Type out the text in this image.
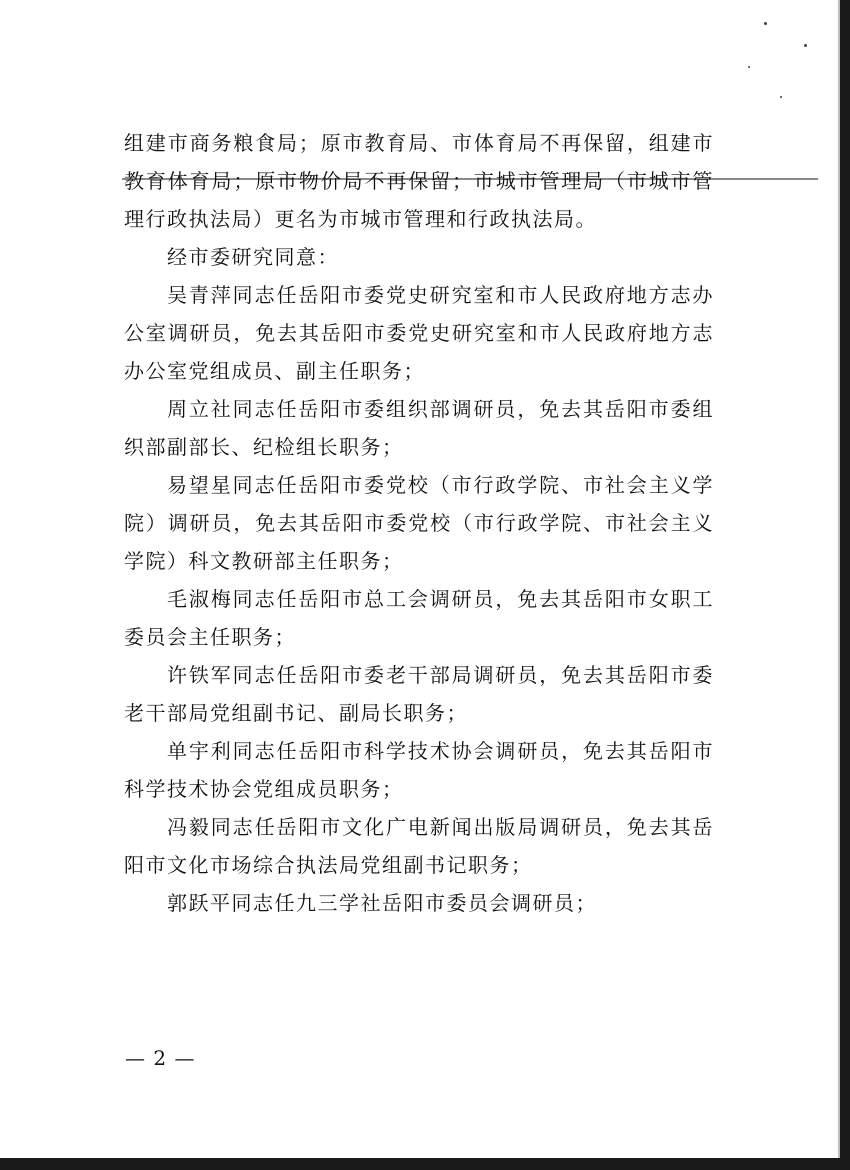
组建市商务粮食局；原市教育局、市体育局不再保留，组建市教育体育局；原市物价局不再保留；市城市管理局（市城市管理行政执法局）更名为市城市管理和行政执法局。

经市委研究同意：

吴青萍同志任岳阳市委党史研究室和市人民政府地方志办公室调研员，免去其岳阳市委党史研究室和市人民政府地方志办公室党组成员、副主任职务；

周立社同志任岳阳市委组织部调研员，免去其岳阳市委组织部副部长、纪检组长职务；

易望星同志任岳阳市委党校（市行政学院、市社会主义学院）调研员，免去其岳阳市委党校（市行政学院、市社会主义学院）科文教研部主任职务；

毛淑梅同志任岳阳市总工会调研员，免去其岳阳市女职工委员会主任职务；

许铁军同志任岳阳市委老干部局调研员，免去其岳阳市委老干部局党组副书记、副局长职务；

单宇利同志任岳阳市科学技术协会调研员，免去其岳阳市科学技术协会党组成员职务；

冯毅同志任岳阳市文化广电新闻出版局调研员，免去其岳阳市文化市场综合执法局党组副书记职务；

郭跃平同志任九三学社岳阳市委员会调研员；

— 2 —
